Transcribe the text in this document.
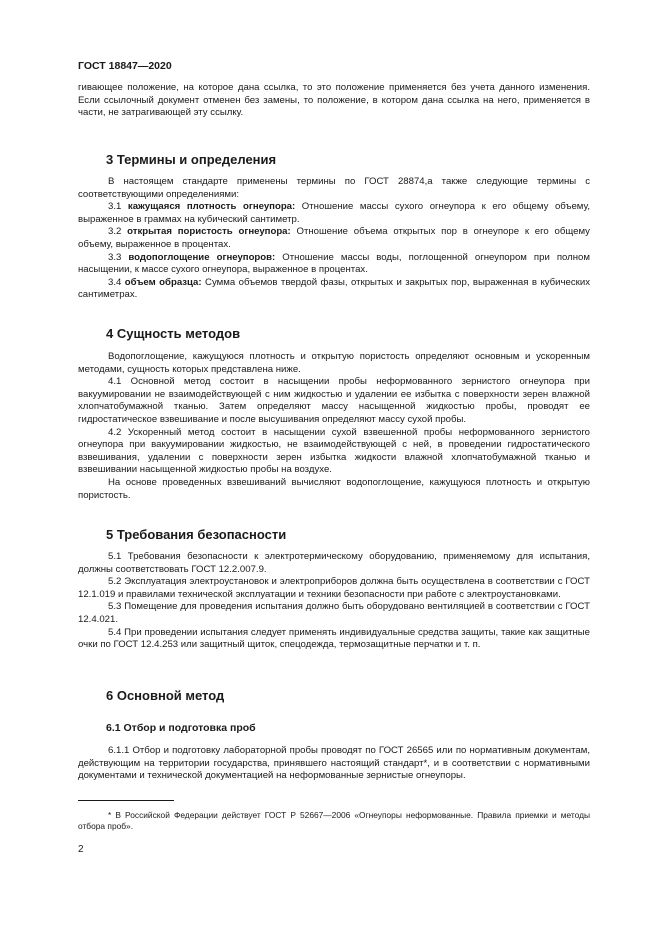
ГОСТ 18847—2020

гивающее положение, на которое дана ссылка, то это положение применяется без учета данного изменения. Если ссылочный документ отменен без замены, то положение, в котором дана ссылка на него, применяется в части, не затрагивающей эту ссылку.

3 Термины и определения

В настоящем стандарте применены термины по ГОСТ 28874,а также следующие термины с соответствующими определениями:

3.1 кажущаяся плотность огнеупора: Отношение массы сухого огнеупора к его общему объему, выраженное в граммах на кубический сантиметр.

3.2 открытая пористость огнеупора: Отношение объема открытых пор в огнеупоре к его общему объему, выраженное в процентах.

3.3 водопоглощение огнеупоров: Отношение массы воды, поглощенной огнеупором при полном насыщении, к массе сухого огнеупора, выраженное в процентах.

3.4 объем образца: Сумма объемов твердой фазы, открытых и закрытых пор, выраженная в кубических сантиметрах.

4 Сущность методов

Водопоглощение, кажущуюся плотность и открытую пористость определяют основным и ускоренным методами, сущность которых представлена ниже.

4.1 Основной метод состоит в насыщении пробы неформованного зернистого огнеупора при вакуумировании не взаимодействующей с ним жидкостью и удалении ее избытка с поверхности зерен влажной хлопчатобумажной тканью. Затем определяют массу насыщенной жидкостью пробы, проводят ее гидростатическое взвешивание и после высушивания определяют массу сухой пробы.

4.2 Ускоренный метод состоит в насыщении сухой взвешенной пробы неформованного зернистого огнеупора при вакуумировании жидкостью, не взаимодействующей с ней, в проведении гидростатического взвешивания, удалении с поверхности зерен избытка жидкости влажной хлопчатобумажной тканью и взвешивании насыщенной жидкостью пробы на воздухе.

На основе проведенных взвешиваний вычисляют водопоглощение, кажущуюся плотность и открытую пористость.

5 Требования безопасности

5.1 Требования безопасности к электротермическому оборудованию, применяемому для испытания, должны соответствовать ГОСТ 12.2.007.9.

5.2 Эксплуатация электроустановок и электроприборов должна быть осуществлена в соответствии с ГОСТ 12.1.019 и правилами технической эксплуатации и техники безопасности при работе с электроустановками.

5.3 Помещение для проведения испытания должно быть оборудовано вентиляцией в соответствии с ГОСТ 12.4.021.

5.4 При проведении испытания следует применять индивидуальные средства защиты, такие как защитные очки по ГОСТ 12.4.253 или защитный щиток, спецодежда, термозащитные перчатки и т. п.

6 Основной метод
6.1 Отбор и подготовка проб

6.1.1 Отбор и подготовку лабораторной пробы проводят по ГОСТ 26565 или по нормативным документам, действующим на территории государства, принявшего настоящий стандарт*, и в соответствии с нормативными документами и технической документацией на неформованные зернистые огнеупоры.

* В Российской Федерации действует ГОСТ Р 52667—2006 «Огнеупоры неформованные. Правила приемки и методы отбора проб».

2
